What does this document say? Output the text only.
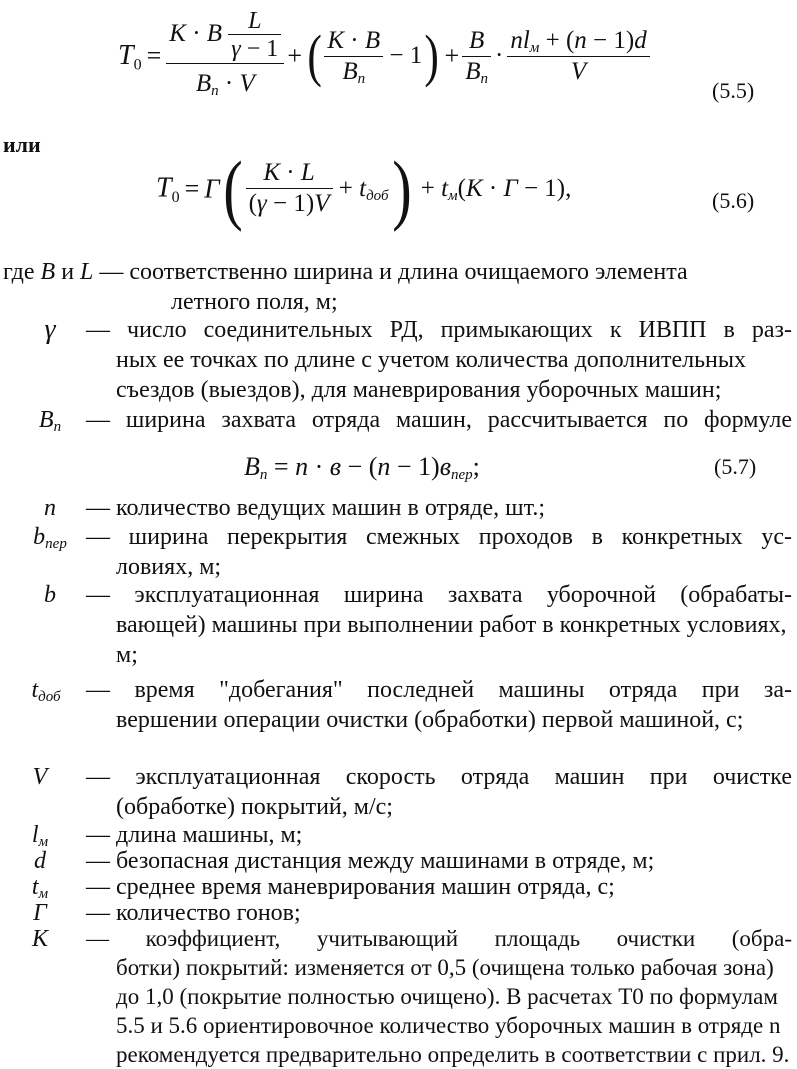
$T_0 = \frac{K \cdot B \frac{L}{\gamma - 1}}{B_п \cdot V}$ +( $\frac{K \cdot B}{B_п} - 1) + \frac{B}{B_п} \cdot \frac{nl_м + (n - 1)d}{V}$
(5.5)
или
$T_0 = Г( \frac{K \cdot L}{(\gamma - 1)V} + t_{доб}) + t_м(K \cdot Г - 1)$,	(5.6)
где B и L — соответственно ширина и длина очищаемого элемента
летного поля, м;
γ	— число соединительных РД, примыкающих к ИВПП в раз-
ных ее точках по длине с учетом количества дополнительных съездов (выездов), для маневрирования уборочных машин;
$B_п$	— ширина захвата отряда машин, рассчитывается по формуле
$B_п = n \cdot в - (n - 1)в_{пер}$;	(5.7)
n	— количество ведущих машин в отряде, шт.;
$b_{пер}$ — ширина перекрытия смежных проходов в конкретных ус-
ловиях, м;
b	— эксплуатационная ширина захвата уборочной (обрабаты-
вающей) машины при выполнении работ в конкретных условиях, м;
$t_{доб}$	— время "добегания" последней машины отряда при за-
вершении операции очистки (обработки) первой машиной, с;
V	— эксплуатационная скорость отряда машин при очистке
(обработке) покрытий, м/с;
$l_м$	— длина машины, м;
d	— безопасная дистанция между машинами в отряде, м;
$t_м$	— среднее время маневрирования машин отряда, с;
Г	— количество гонов;
K	— коэффициент, учитывающий площадь очистки (обра-
ботки) покрытий: изменяется от 0,5 (очищена только рабочая зона) до 1,0 (покрытие полностью очищено). В расчетах T0 по формулам 5.5 и 5.6 ориентировочное количество уборочных машин в отряде n рекомендуется предварительно определить в соответствии с прил. 9.
